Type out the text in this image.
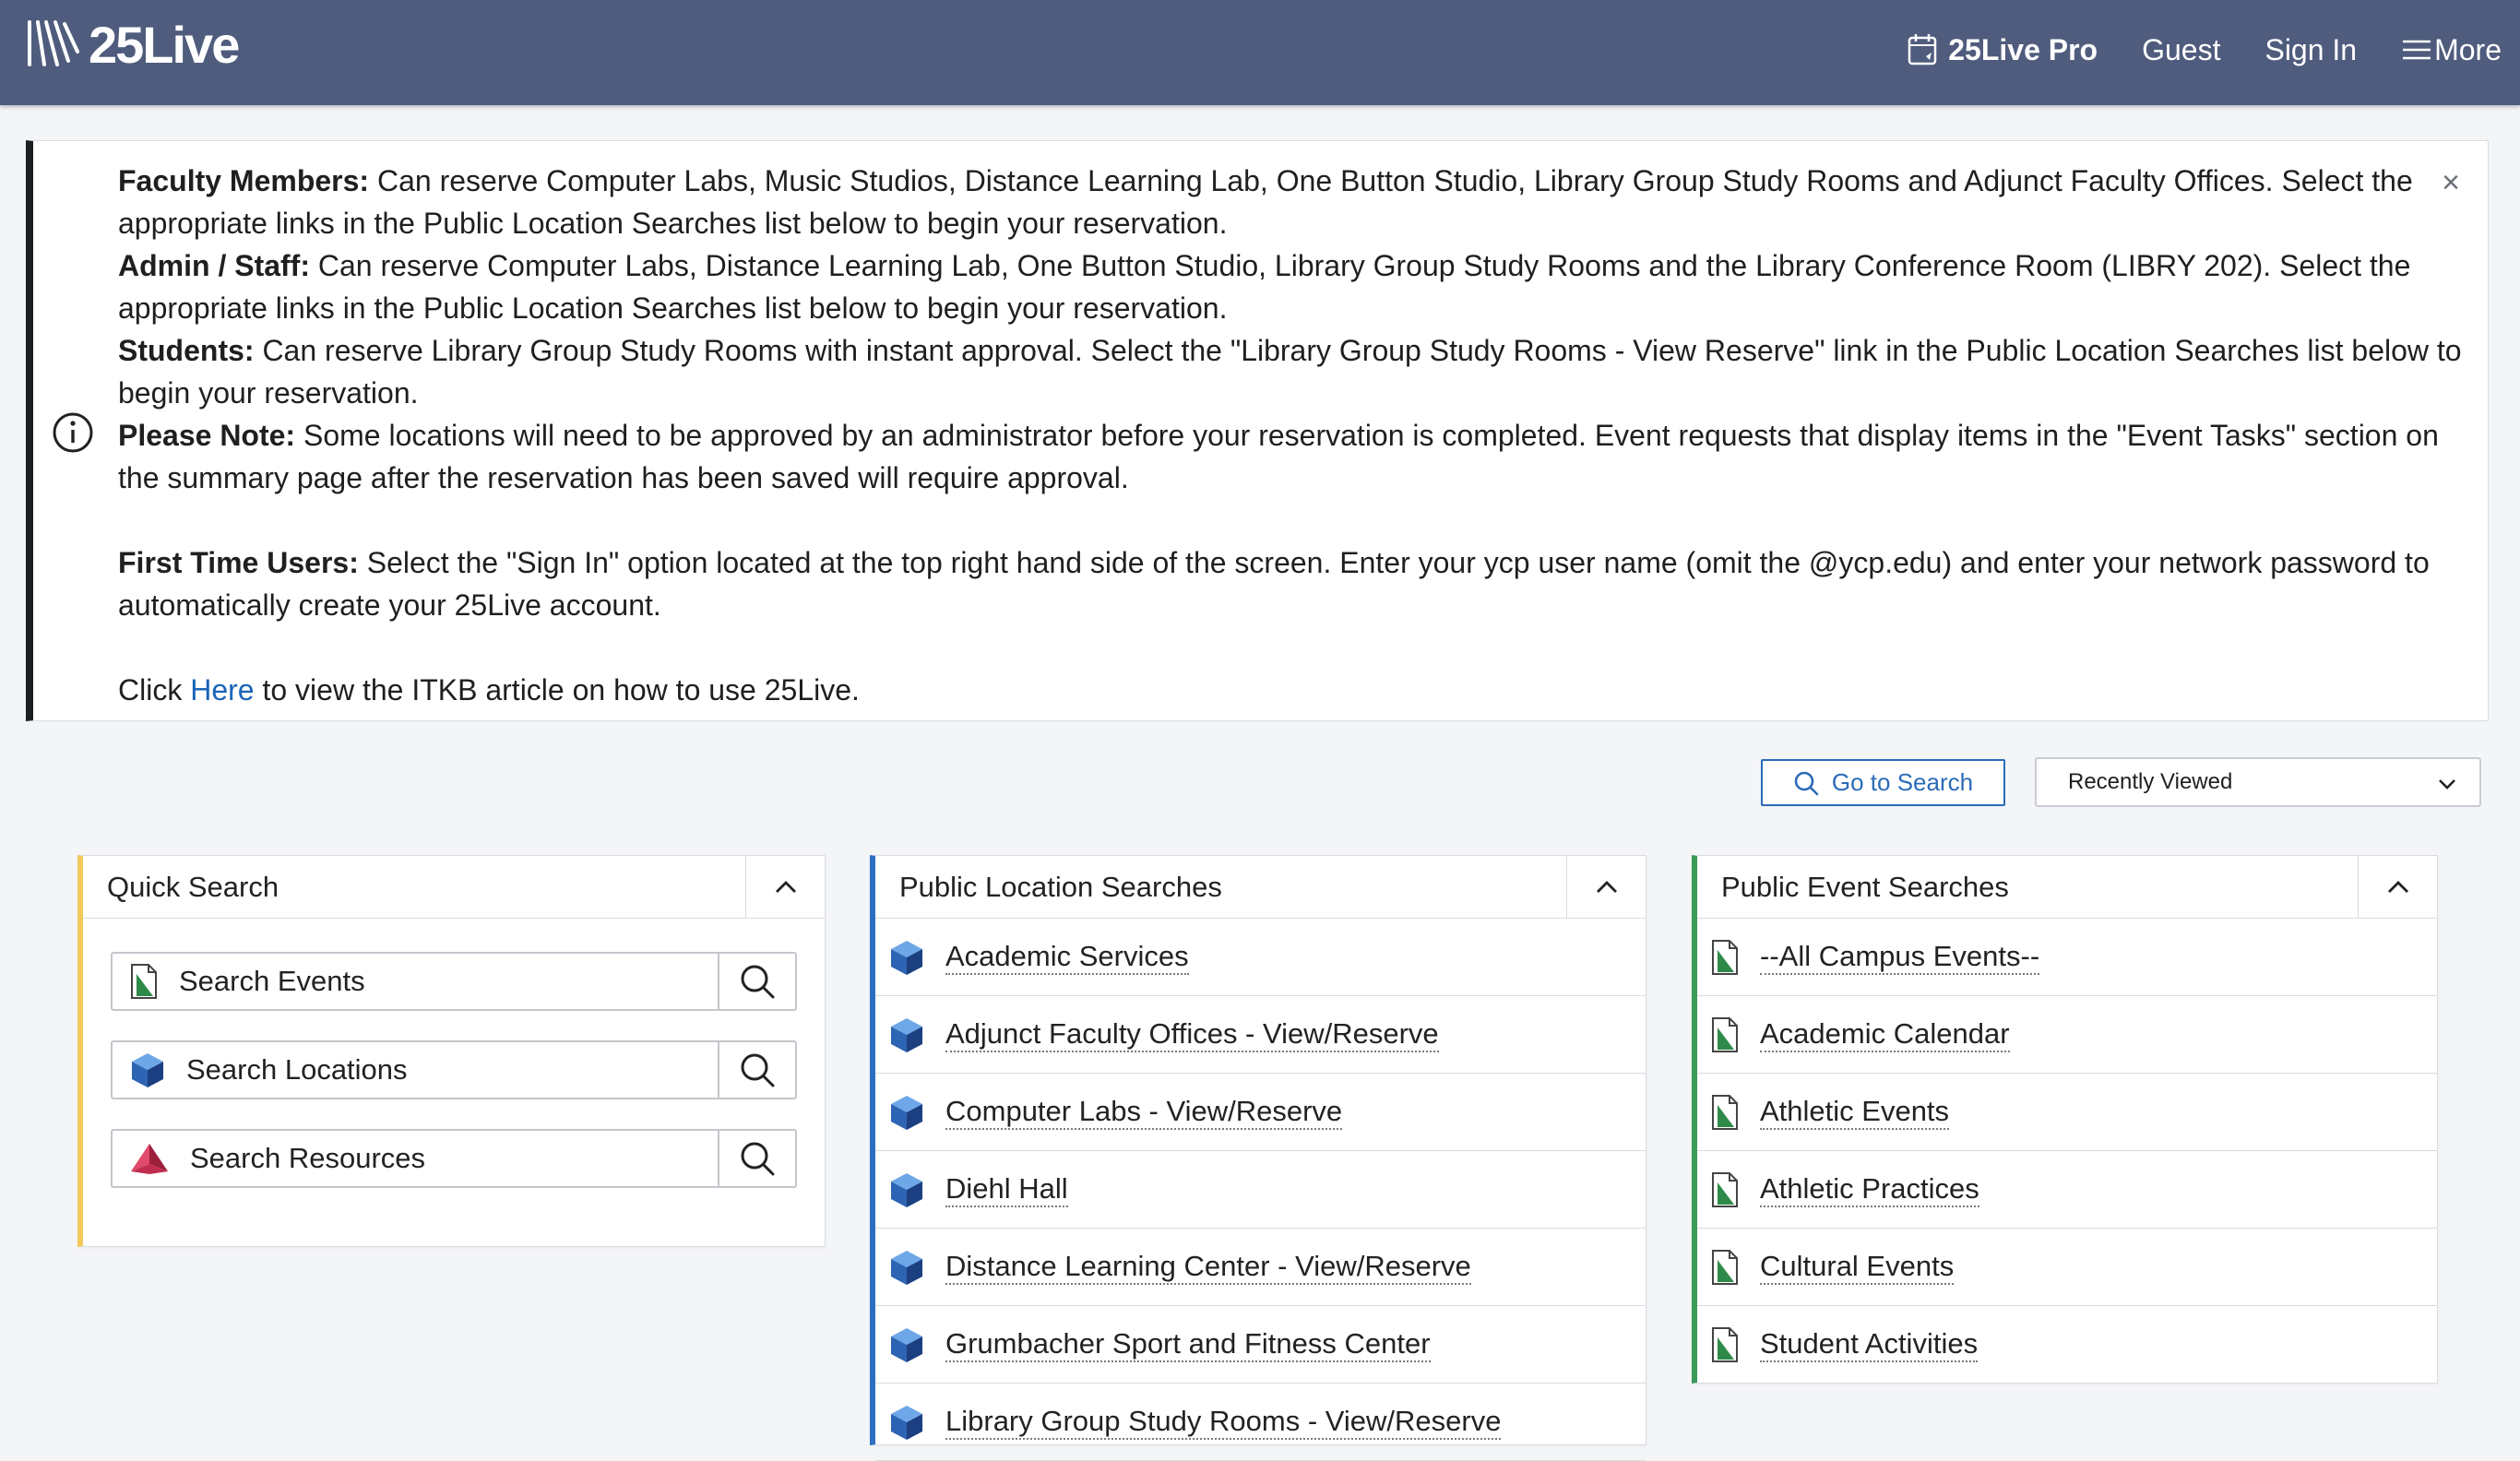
25Live	25Live Pro Guest Sign In	More
×

Faculty Members: Can reserve Computer Labs, Music Studios, Distance Learning Lab, One Button Studio, Library Group Study Rooms and Adjunct Faculty Offices. Select the appropriate links in the Public Location Searches list below to begin your reservation.

Admin / Staff: Can reserve Computer Labs, Distance Learning Lab, One Button Studio, Library Group Study Rooms and the Library Conference Room (LIBRY 202). Select the appropriate links in the Public Location Searches list below to begin your reservation.

Students: Can reserve Library Group Study Rooms with instant approval. Select the "Library Group Study Rooms - View Reserve" link in the Public Location Searches list below to begin your reservation.

Please Note: Some locations will need to be approved by an administrator before your reservation is completed. Event requests that display items in the "Event Tasks" section on the summary page after the reservation has been saved will require approval.

First Time Users: Select the "Sign In" option located at the top right hand side of the screen. Enter your ycp user name (omit the @ycp.edu) and enter your network password to automatically create your 25Live account.

Click Here to view the ITKB article on how to use 25Live.

Go to Search	Recently Viewed
Quick Search
Search Events
Search Locations
Search Resources
Public Location Searches
Academic Services
Adjunct Faculty Offices - View/Reserve
Computer Labs - View/Reserve
Diehl Hall
Distance Learning Center - View/Reserve
Grumbacher Sport and Fitness Center
Library Group Study Rooms - View/Reserve
Public Event Searches
--All Campus Events--
Academic Calendar
Athletic Events
Athletic Practices
Cultural Events
Student Activities
